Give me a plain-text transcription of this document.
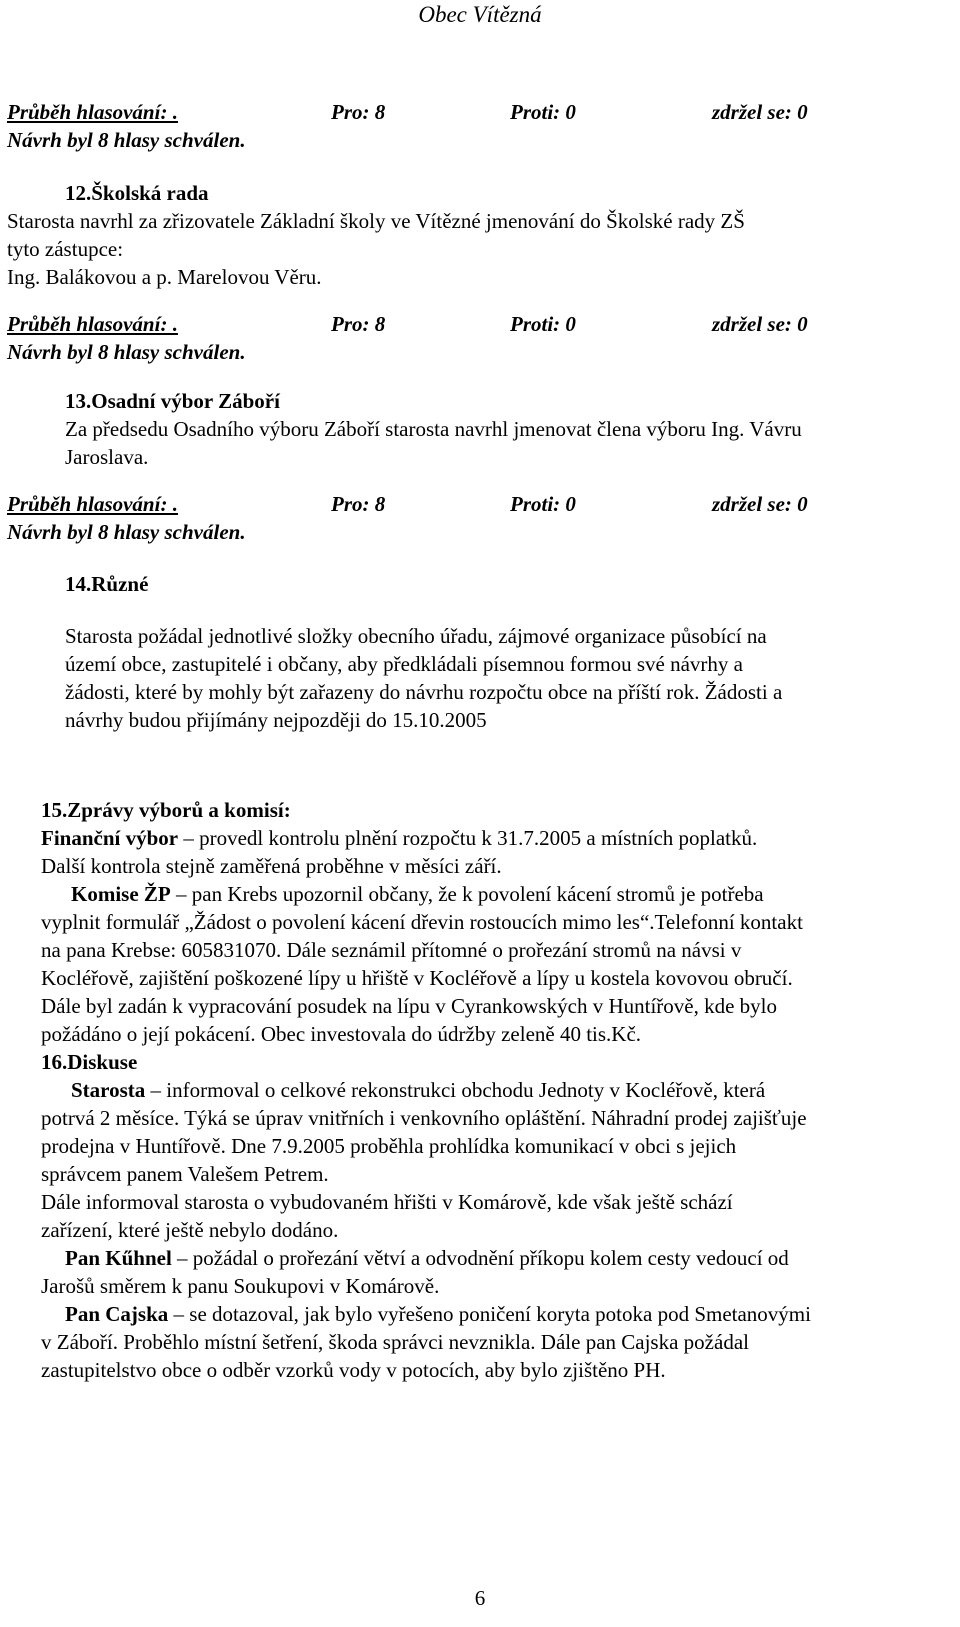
Obec Vítězná
Průběh hlasování: .	Pro: 8	Proti: 0	zdržel se: 0
Návrh byl 8 hlasy schválen.
12.Školská rada

Starosta navrhl za zřizovatele Základní školy ve Vítězné jmenování do Školské rady ZŠ

tyto zástupce:

Ing. Balákovou a p. Marelovou Věru.

Průběh hlasování: .	Pro: 8	Proti: 0	zdržel se: 0
Návrh byl 8 hlasy schválen.
13.Osadní výbor Záboří

Za předsedu Osadního výboru Záboří starosta navrhl jmenovat člena výboru Ing. Vávru

Jaroslava.

Průběh hlasování: .	Pro: 8	Proti: 0	zdržel se: 0
Návrh byl 8 hlasy schválen.
14.Různé

Starosta požádal jednotlivé složky obecního úřadu, zájmové organizace působící na

území obce, zastupitelé i občany, aby předkládali písemnou formou své návrhy a

žádosti, které by mohly být zařazeny do návrhu rozpočtu obce na příští rok. Žádosti a

návrhy budou přijímány nejpozději do 15.10.2005

15.Zprávy výborů a komisí:

Finanční výbor – provedl kontrolu plnění rozpočtu k 31.7.2005 a místních poplatků.

Další kontrola stejně zaměřená proběhne v měsíci září.

Komise ŽP – pan Krebs upozornil občany, že k povolení kácení stromů je potřeba

vyplnit formulář „Žádost o povolení kácení dřevin rostoucích mimo les“.Telefonní kontakt

na pana Krebse: 605831070. Dále seznámil přítomné o prořezání stromů na návsi v

Kocléřově, zajištění poškozené lípy u hřiště v Kocléřově a lípy u kostela kovovou obručí.

Dále byl zadán k vypracování posudek na lípu v Cyrankowských v Huntířově, kde bylo

požádáno o její pokácení. Obec investovala do údržby zeleně 40 tis.Kč.

16.Diskuse

Starosta – informoval o celkové rekonstrukci obchodu Jednoty v Kocléřově, která

potrvá 2 měsíce. Týká se úprav vnitřních i venkovního opláštění. Náhradní prodej zajišťuje

prodejna v Huntířově. Dne 7.9.2005 proběhla prohlídka komunikací v obci s jejich

správcem panem Valešem Petrem.

Dále informoval starosta o vybudovaném hřišti v Komárově, kde však ještě schází

zařízení, které ještě nebylo dodáno.

Pan Kűhnel – požádal o prořezání větví a odvodnění příkopu kolem cesty vedoucí od

Jarošů směrem k panu Soukupovi v Komárově.

Pan Cajska – se dotazoval, jak bylo vyřešeno poničení koryta potoka pod Smetanovými

v Záboří. Proběhlo místní šetření, škoda správci nevznikla. Dále pan Cajska požádal

zastupitelstvo obce o odběr vzorků vody v potocích, aby bylo zjištěno PH.

6
